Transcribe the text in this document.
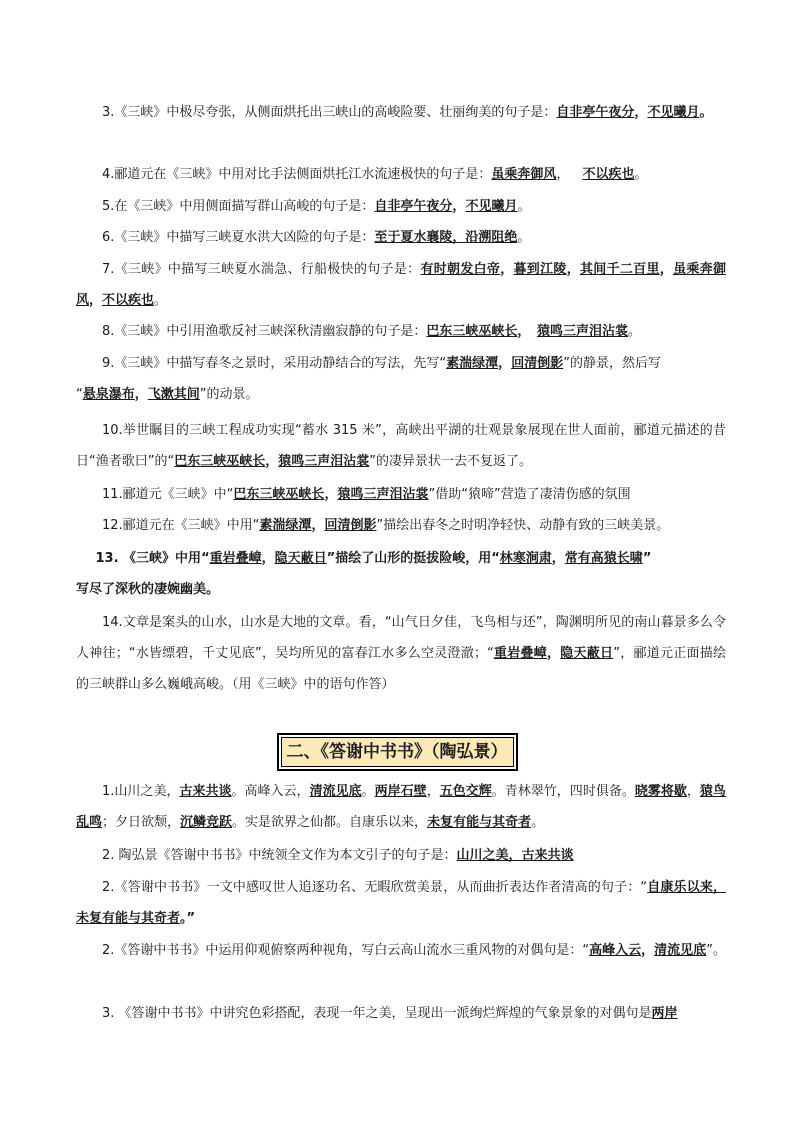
  3.《三峡》中极尽夸张，从侧面烘托出三峡山的高峻险要、壮丽绚美的句子是：自非亭午夜分，不见曦月。

  4.郦道元在《三峡》中用对比手法侧面烘托江水流速极快的句子是：虽乘奔御风，  不以疾也。

  5.在《三峡》中用侧面描写群山高峻的句子是：自非亭午夜分，不见曦月。

  6.《三峡》中描写三峡夏水洪大凶险的句子是：至于夏水襄陵，沿溯阻绝。

  7.《三峡》中描写三峡夏水湍急、行船极快的句子是：有时朝发白帝，暮到江陵，其间千二百里，虽乘奔御风，不以疾也。

  8.《三峡》中引用渔歌反衬三峡深秋清幽寂静的句子是：巴东三峡巫峡长，  猿鸣三声泪沾裳。

  9.《三峡》中描写春冬之景时，采用动静结合的写法，先写“素湍绿潭，回清倒影”的静景，然后写
“悬泉瀑布，飞漱其间”的动景。

  10.举世瞩目的三峡工程成功实现“蓄水 315 米”，高峡出平湖的壮观景象展现在世人面前，郦道元描述的昔日“渔者歌曰”的“巴东三峡巫峡长，猿鸣三声泪沾裳”的凄异景状一去不复返了。

  11.郦道元《三峡》中“巴东三峡巫峡长，猿鸣三声泪沾裳”借助“猿啼”营造了凄清伤感的氛围

  12.郦道元在《三峡》中用“素湍绿潭，回清倒影”描绘出春冬之时明净轻快、动静有致的三峡美景。

  13. 《三峡》中用“重岩叠嶂，隐天蔽日”描绘了山形的挺拔险峻，用“林寒涧肃，常有高猿长啸”
写尽了深秋的凄婉幽美。

  14.文章是案头的山水，山水是大地的文章。看，“山气日夕佳，飞鸟相与还”，陶渊明所见的南山暮景多么令人神往；“水皆缥碧，千丈见底”，吴均所见的富春江水多么空灵澄澈；“重岩叠嶂，隐天蔽日”，郦道元正面描绘的三峡群山多么巍峨高峻。（用《三峡》中的语句作答）

二、《答谢中书书》（陶弘景）

  1.山川之美，古来共谈。高峰入云，清流见底。两岸石壁，五色交辉。青林翠竹，四时俱备。晓雾将歇，猿鸟乱鸣；夕日欲颓，沉鳞竞跃。实是欲界之仙都。自康乐以来，未复有能与其奇者。

  2. 陶弘景《答谢中书书》中统领全文作为本文引子的句子是：山川之美，古来共谈

  2.《答谢中书书》一文中感叹世人追逐功名、无暇欣赏美景，从而曲折表达作者清高的句子：“自康乐以来，未复有能与其奇者。”

  2.《答谢中书书》中运用仰观俯察两种视角，写白云高山流水三重风物的对偶句是：“高峰入云，清流见底”。

  3. 《答谢中书书》中讲究色彩搭配，表现一年之美，呈现出一派绚烂辉煌的气象景象的对偶句是两岸
